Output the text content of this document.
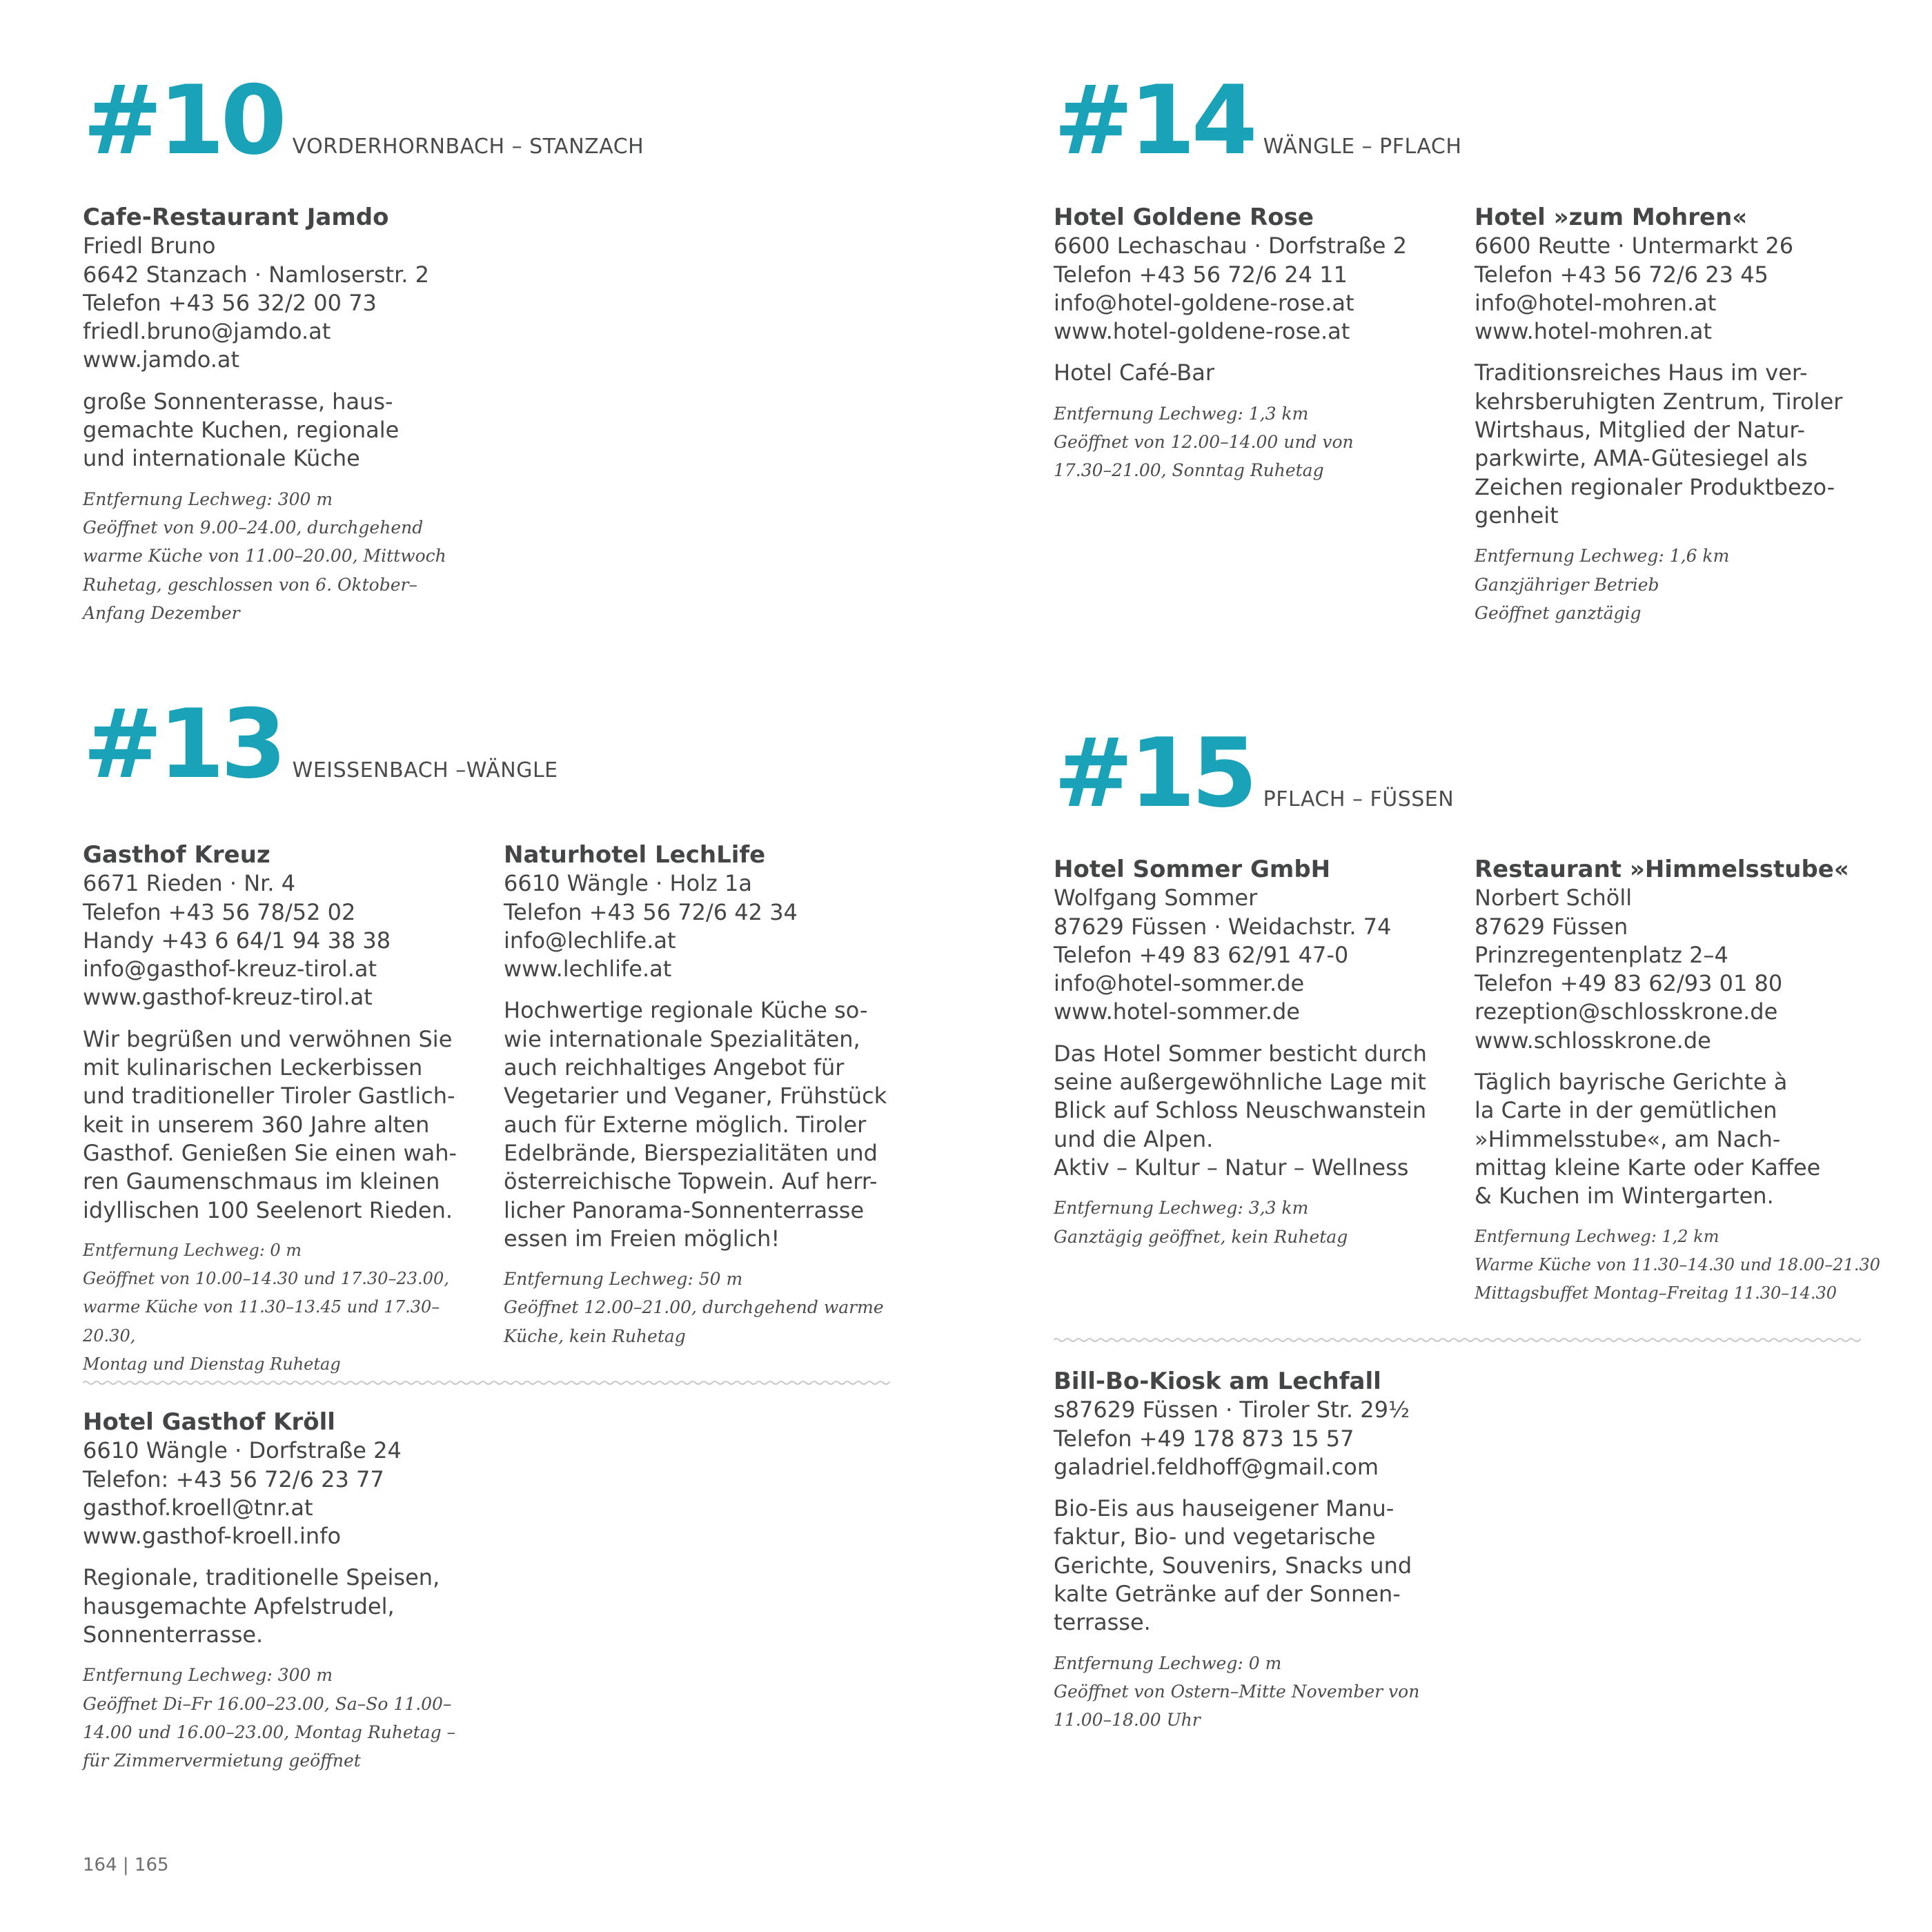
#10 VORDERHORNBACH – STANZACH
Cafe-Restaurant Jamdo
Friedl Bruno
6642 Stanzach · Namloserstr. 2
Telefon +43 56 32/2 00 73
friedl.bruno@jamdo.at
www.jamdo.at
große Sonnenterasse, haus-
gemachte Kuchen, regionale
und internationale Küche
Entfernung Lechweg: 300 m
Geöffnet von 9.00–24.00, durchgehend
warme Küche von 11.00–20.00, Mittwoch
Ruhetag, geschlossen von 6. Oktober–
Anfang Dezember
#14 WÄNGLE – PFLACH
Hotel Goldene Rose
6600 Lechaschau · Dorfstraße 2
Telefon +43 56 72/6 24 11
info@hotel-goldene-rose.at
www.hotel-goldene-rose.at
Hotel Café-Bar
Entfernung Lechweg: 1,3 km
Geöffnet von 12.00–14.00 und von
17.30–21.00, Sonntag Ruhetag
Hotel »zum Mohren«
6600 Reutte · Untermarkt 26
Telefon +43 56 72/6 23 45
info@hotel-mohren.at
www.hotel-mohren.at
Traditionsreiches Haus im ver-
kehrsberuhigten Zentrum, Tiroler
Wirtshaus, Mitglied der Natur-
parkwirte, AMA-Gütesiegel als
Zeichen regionaler Produktbezo-
genheit
Entfernung Lechweg: 1,6 km
Ganzjähriger Betrieb
Geöffnet ganztägig
#13 WEISSENBACH –WÄNGLE
Gasthof Kreuz
6671 Rieden · Nr. 4
Telefon +43 56 78/52 02
Handy +43 6 64/1 94 38 38
info@gasthof-kreuz-tirol.at
www.gasthof-kreuz-tirol.at
Wir begrüßen und verwöhnen Sie
mit kulinarischen Leckerbissen
und traditioneller Tiroler Gastlich-
keit in unserem 360 Jahre alten
Gasthof. Genießen Sie einen wah-
ren Gaumenschmaus im kleinen
idyllischen 100 Seelenort Rieden.
Entfernung Lechweg: 0 m
Geöffnet von 10.00–14.30 und 17.30–23.00,
warme Küche von 11.30–13.45 und 17.30–20.30,
Montag und Dienstag Ruhetag
Naturhotel LechLife
6610 Wängle · Holz 1a
Telefon +43 56 72/6 42 34
info@lechlife.at
www.lechlife.at
Hochwertige regionale Küche so-
wie internationale Spezialitäten,
auch reichhaltiges Angebot für
Vegetarier und Veganer, Frühstück
auch für Externe möglich. Tiroler
Edelbrände, Bierspezialitäten und
österreichische Topwein. Auf herr-
licher Panorama-Sonnenterrasse
essen im Freien möglich!
Entfernung Lechweg: 50 m
Geöffnet 12.00–21.00, durchgehend warme
Küche, kein Ruhetag
Hotel Gasthof Kröll
6610 Wängle · Dorfstraße 24
Telefon: +43 56 72/6 23 77
gasthof.kroell@tnr.at
www.gasthof-kroell.info
Regionale, traditionelle Speisen,
hausgemachte Apfelstrudel,
Sonnenterrasse.
Entfernung Lechweg: 300 m
Geöffnet Di–Fr 16.00–23.00, Sa–So 11.00–
14.00 und 16.00–23.00, Montag Ruhetag –
für Zimmervermietung geöffnet
#15 PFLACH – FÜSSEN
Hotel Sommer GmbH
Wolfgang Sommer
87629 Füssen · Weidachstr. 74
Telefon +49 83 62/91 47-0
info@hotel-sommer.de
www.hotel-sommer.de
Das Hotel Sommer besticht durch
seine außergewöhnliche Lage mit
Blick auf Schloss Neuschwanstein
und die Alpen.
Aktiv – Kultur – Natur – Wellness
Entfernung Lechweg: 3,3 km
Ganztägig geöffnet, kein Ruhetag
Restaurant »Himmelsstube«
Norbert Schöll
87629 Füssen
Prinzregentenplatz 2–4
Telefon +49 83 62/93 01 80
rezeption@schlosskrone.de
www.schlosskrone.de
Täglich bayrische Gerichte à
la Carte in der gemütlichen
»Himmelsstube«, am Nach-
mittag kleine Karte oder Kaffee
& Kuchen im Wintergarten.
Entfernung Lechweg: 1,2 km
Warme Küche von 11.30–14.30 und 18.00–21.30
Mittagsbuffet Montag–Freitag 11.30–14.30
Bill-Bo-Kiosk am Lechfall
s87629 Füssen · Tiroler Str. 29½
Telefon +49 178 873 15 57
galadriel.feldhoff@gmail.com
Bio-Eis aus hauseigener Manu-
faktur, Bio- und vegetarische
Gerichte, Souvenirs, Snacks und
kalte Getränke auf der Sonnen-
terrasse.
Entfernung Lechweg: 0 m
Geöffnet von Ostern–Mitte November von
11.00–18.00 Uhr
164 | 165
